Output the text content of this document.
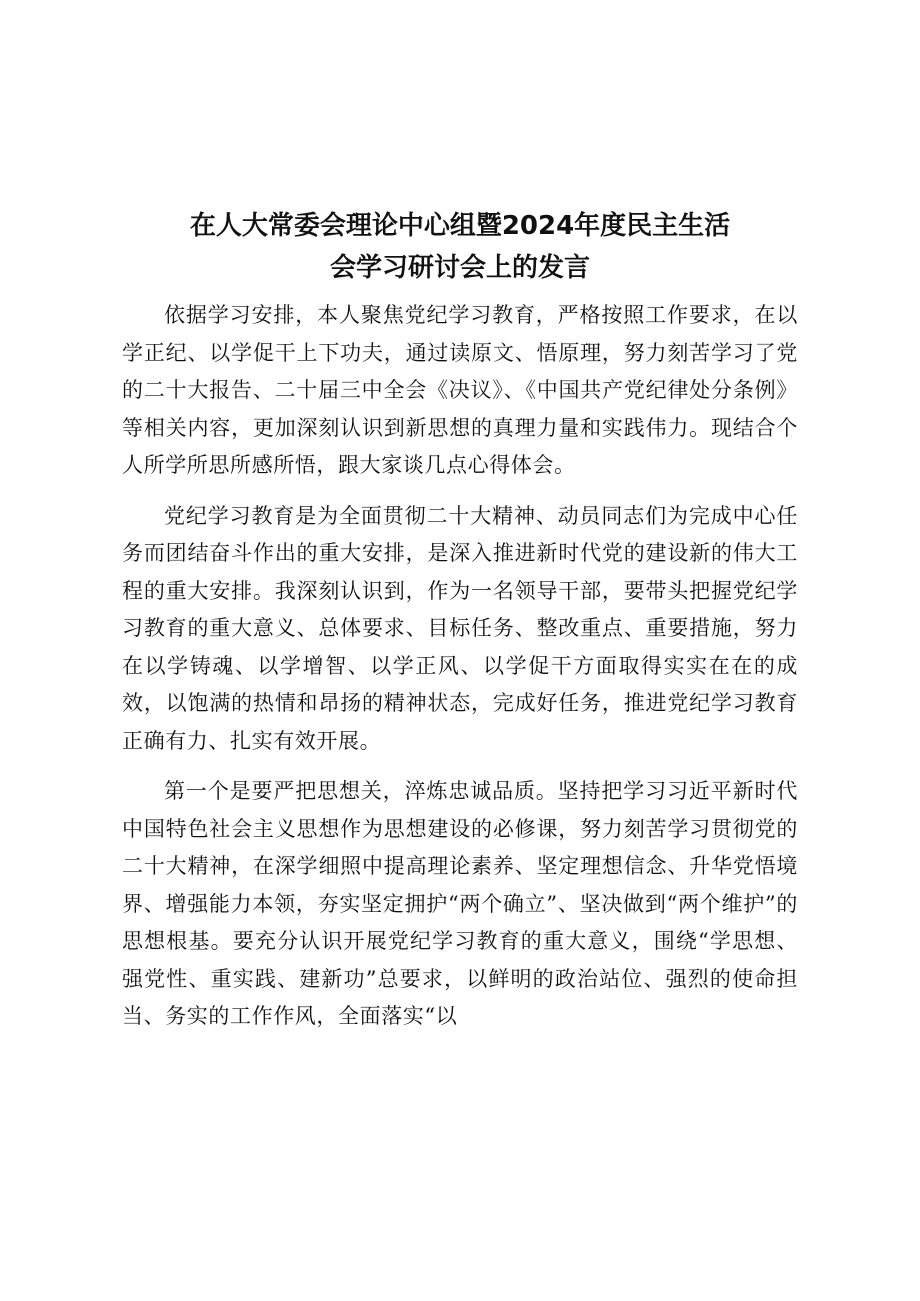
在人大常委会理论中心组暨2024年度民主生活
会学习研讨会上的发言

依据学习安排，本人聚焦党纪学习教育，严格按照工作要求，在以学正纪、以学促干上下功夫，通过读原文、悟原理，努力刻苦学习了党的二十大报告、二十届三中全会《决议》、《中国共产党纪律处分条例》等相关内容，更加深刻认识到新思想的真理力量和实践伟力。现结合个人所学所思所感所悟，跟大家谈几点心得体会。

党纪学习教育是为全面贯彻二十大精神、动员同志们为完成中心任务而团结奋斗作出的重大安排，是深入推进新时代党的建设新的伟大工程的重大安排。我深刻认识到，作为一名领导干部，要带头把握党纪学习教育的重大意义、总体要求、目标任务、整改重点、重要措施，努力在以学铸魂、以学增智、以学正风、以学促干方面取得实实在在的成效，以饱满的热情和昂扬的精神状态，完成好任务，推进党纪学习教育正确有力、扎实有效开展。

第一个是要严把思想关，淬炼忠诚品质。坚持把学习习近平新时代中国特色社会主义思想作为思想建设的必修课，努力刻苦学习贯彻党的二十大精神，在深学细照中提高理论素养、坚定理想信念、升华党悟境界、增强能力本领，夯实坚定拥护“两个确立”、坚决做到“两个维护”的思想根基。要充分认识开展党纪学习教育的重大意义，围绕“学思想、强党性、重实践、建新功”总要求，以鲜明的政治站位、强烈的使命担当、务实的工作作风，全面落实“以
